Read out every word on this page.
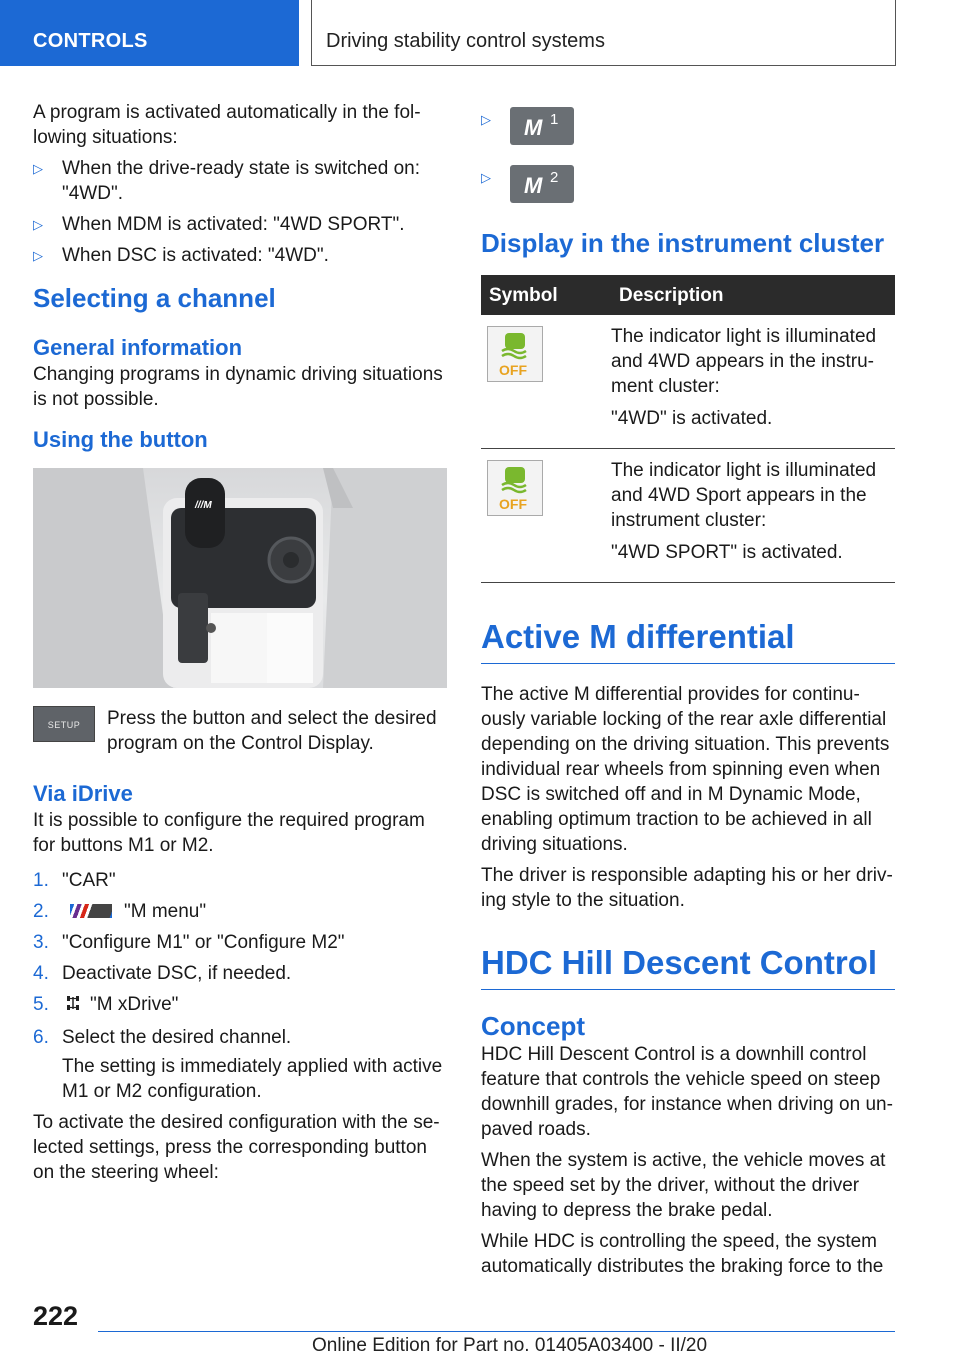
CONTROLS	Driving stability control systems

A program is activated automatically in the fol-lowing situations:

▷ When the drive-ready state is switched on: "4WD".
▷ When MDM is activated: "4WD SPORT".
▷ When DSC is activated: "4WD".
Selecting a channel
General information

Changing programs in dynamic driving situations is not possible.

Using the button
///M
SETUP	Press the button and select the desired program on the Control Display.

Via iDrive

It is possible to configure the required program for buttons M1 or M2.

1. "CAR"
2.	"M menu"
3. "Configure M1" or "Configure M2"
4. Deactivate DSC, if needed.
5. "M xDrive"
6. Select the desired channel.

The setting is immediately applied with active M1 or M2 configuration.

To activate the desired configuration with the se-lected settings, press the corresponding button on the steering wheel:

▷ M 1
▷ M 2
Display in the instrument cluster
Symbol	Description

OFF	The indicator light is illuminated and 4WD appears in the instru-ment cluster:

"4WD" is activated.

OFF	The indicator light is illuminated and 4WD Sport appears in the instrument cluster:

"4WD SPORT" is activated.

Active M differential

The active M differential provides for continu-ously variable locking of the rear axle differential depending on the driving situation. This prevents individual rear wheels from spinning even when DSC is switched off and in M Dynamic Mode, enabling optimum traction to be achieved in all driving situations.

The driver is responsible adapting his or her driv-ing style to the situation.

HDC Hill Descent Control
Concept

HDC Hill Descent Control is a downhill control feature that controls the vehicle speed on steep downhill grades, for instance when driving on un-paved roads.

When the system is active, the vehicle moves at the speed set by the driver, without the driver having to depress the brake pedal.

While HDC is controlling the speed, the system automatically distributes the braking force to the

222
Online Edition for Part no. 01405A03400 - II/20
